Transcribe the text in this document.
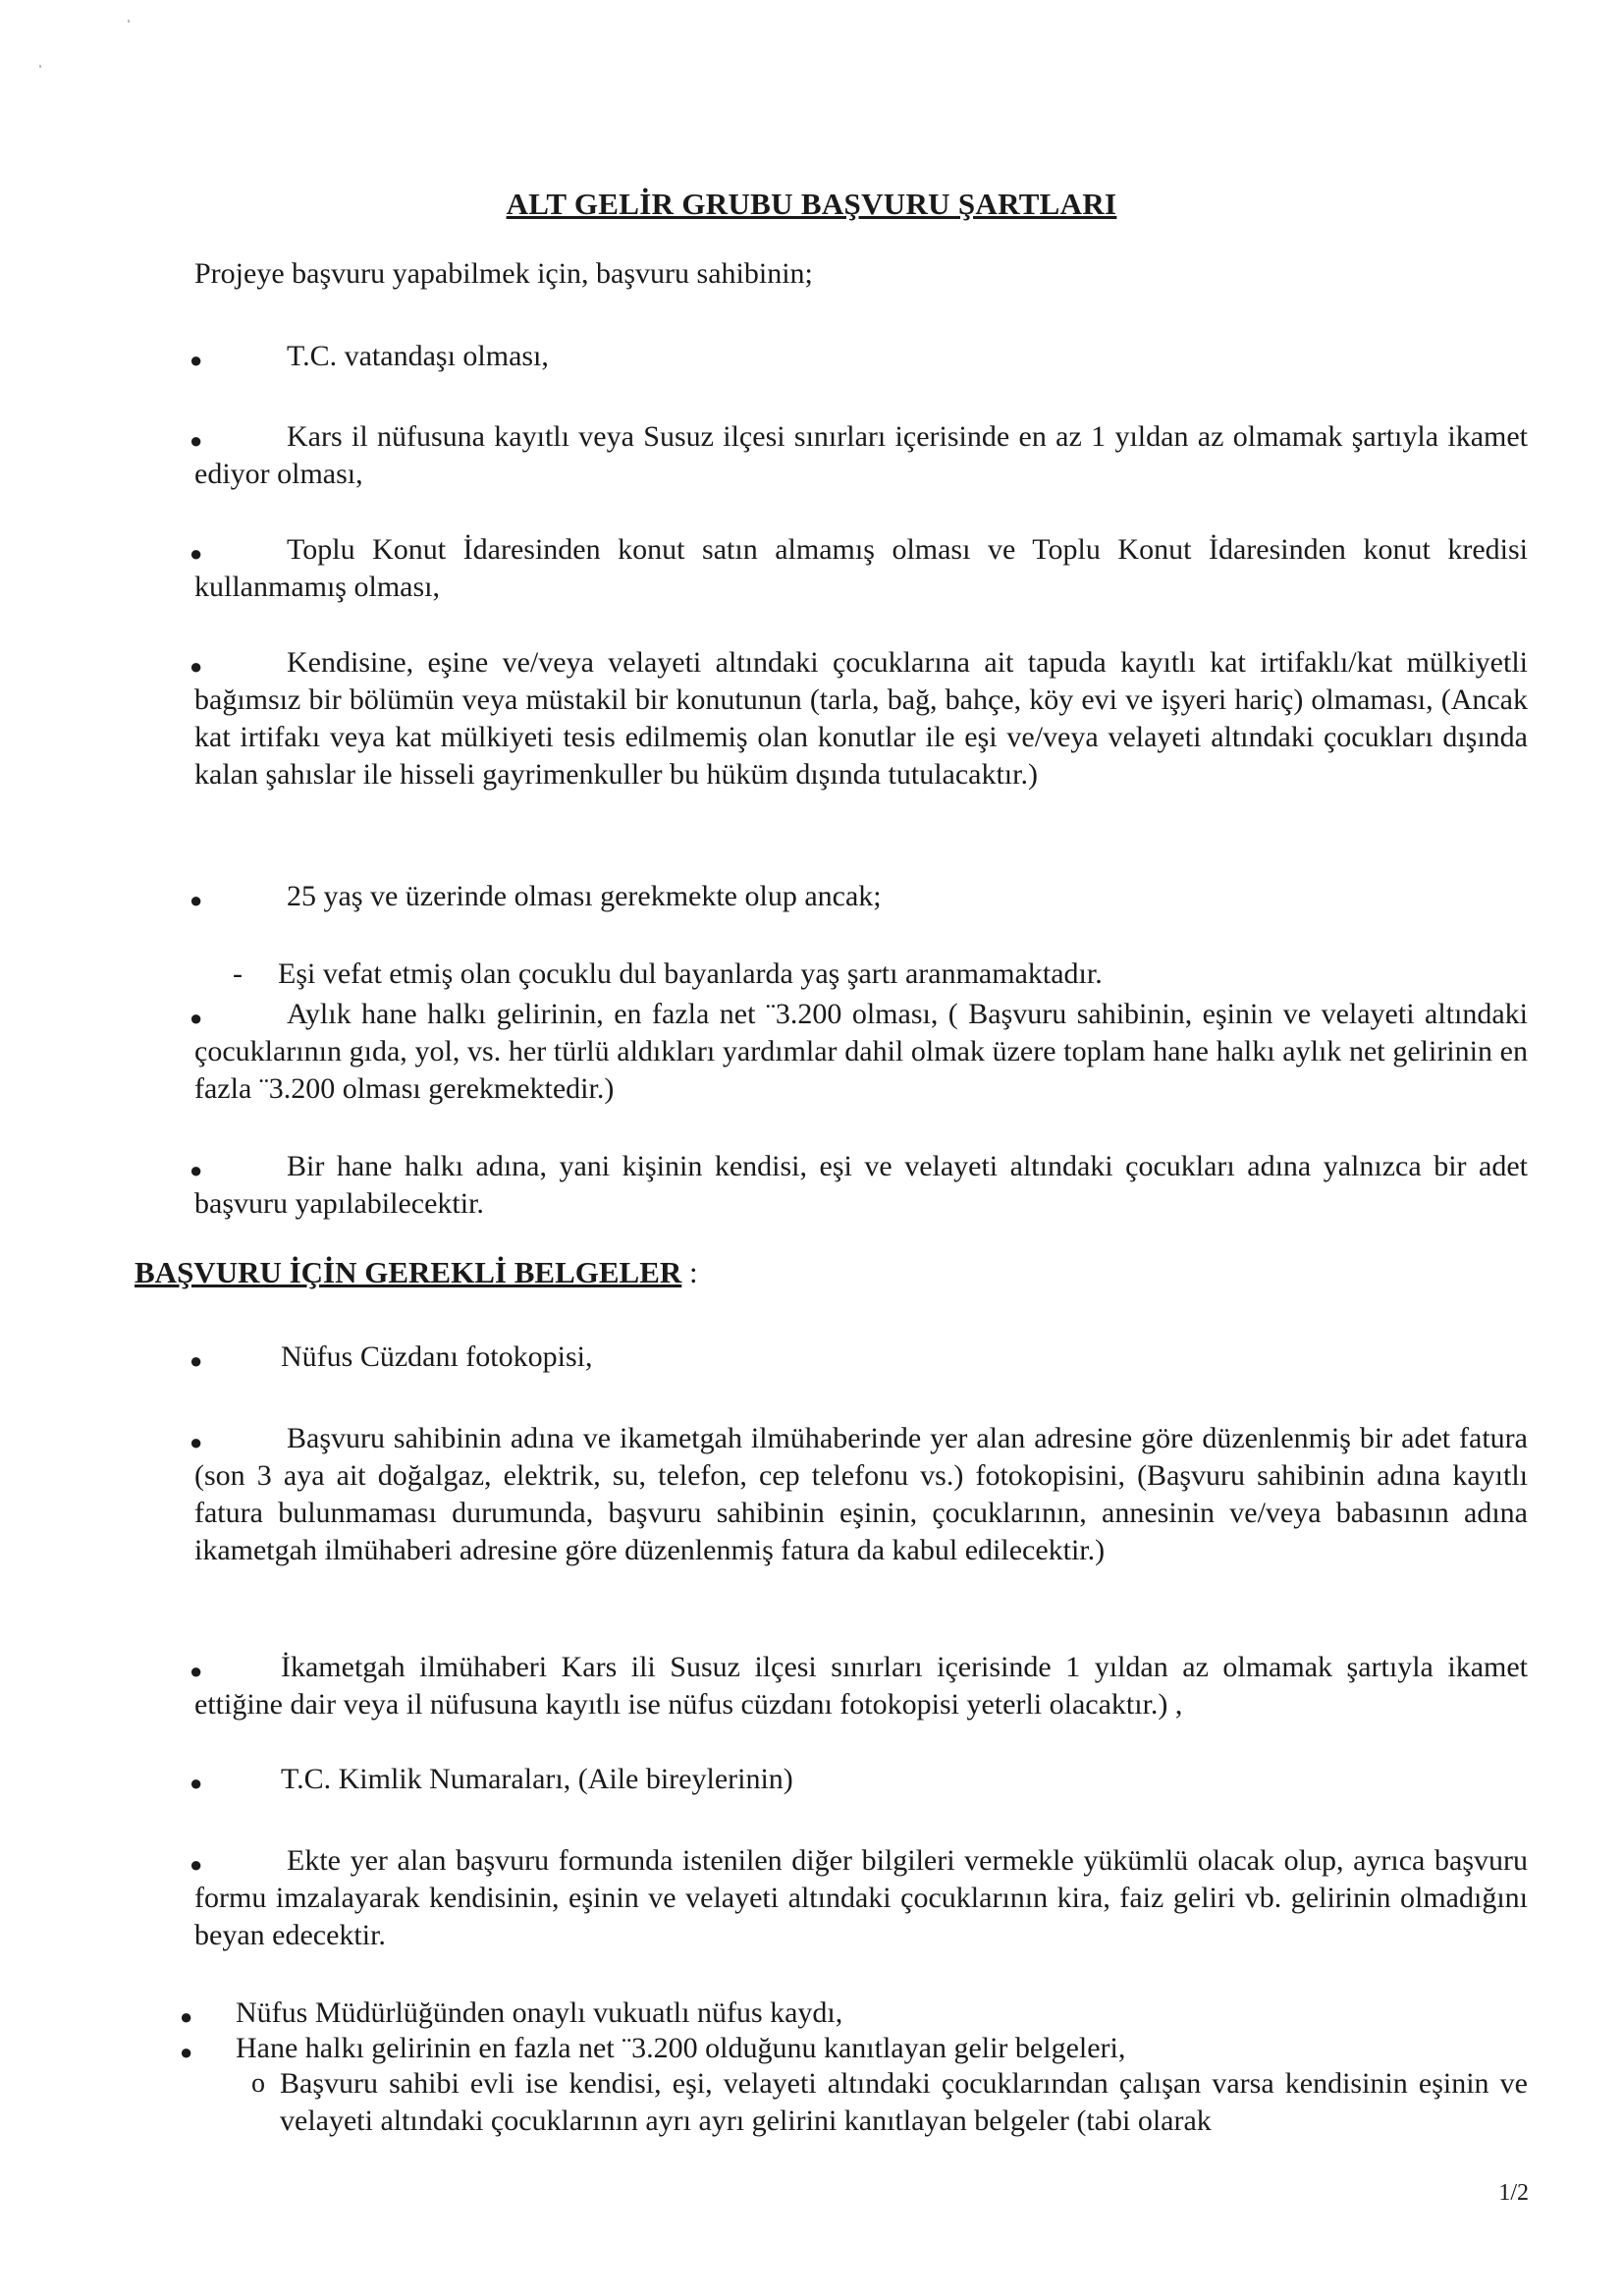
ALT GELİR GRUBU BAŞVURU ŞARTLARI
Projeye başvuru yapabilmek için, başvuru sahibinin;
●	T.C. vatandaşı olması,
●	Kars il nüfusuna kayıtlı veya Susuz ilçesi sınırları içerisinde en az 1 yıldan az olmamak şartıyla ikamet ediyor olması,
●	Toplu Konut İdaresinden konut satın almamış olması ve Toplu Konut İdaresinden konut kredisi kullanmamış olması,
●	Kendisine, eşine ve/veya velayeti altındaki çocuklarına ait tapuda kayıtlı kat irtifaklı/kat mülkiyetli bağımsız bir bölümün veya müstakil bir konutunun (tarla, bağ, bahçe, köy evi ve işyeri hariç) olmaması, (Ancak kat irtifakı veya kat mülkiyeti tesis edilmemiş olan konutlar ile eşi ve/veya velayeti altındaki çocukları dışında kalan şahıslar ile hisseli gayrimenkuller bu hüküm dışında tutulacaktır.)
●	25 yaş ve üzerinde olması gerekmekte olup ancak;
- Eşi vefat etmiş olan çocuklu dul bayanlarda yaş şartı aranmamaktadır.
●	Aylık hane halkı gelirinin, en fazla net ¨3.200 olması, ( Başvuru sahibinin, eşinin ve velayeti altındaki çocuklarının gıda, yol, vs. her türlü aldıkları yardımlar dahil olmak üzere toplam hane halkı aylık net gelirinin en fazla ¨3.200 olması gerekmektedir.)
●	Bir hane halkı adına, yani kişinin kendisi, eşi ve velayeti altındaki çocukları adına yalnızca bir adet başvuru yapılabilecektir.
BAŞVURU İÇİN GEREKLİ BELGELER :
●	Nüfus Cüzdanı fotokopisi,
●	Başvuru sahibinin adına ve ikametgah ilmühaberinde yer alan adresine göre düzenlenmiş bir adet fatura (son 3 aya ait doğalgaz, elektrik, su, telefon, cep telefonu vs.) fotokopisini, (Başvuru sahibinin adına kayıtlı fatura bulunmaması durumunda, başvuru sahibinin eşinin, çocuklarının, annesinin ve/veya babasının adına ikametgah ilmühaberi adresine göre düzenlenmiş fatura da kabul edilecektir.)
●	İkametgah ilmühaberi Kars ili Susuz ilçesi sınırları içerisinde 1 yıldan az olmamak şartıyla ikamet ettiğine dair veya il nüfusuna kayıtlı ise nüfus cüzdanı fotokopisi yeterli olacaktır.) ,
●	T.C. Kimlik Numaraları, (Aile bireylerinin)
●	Ekte yer alan başvuru formunda istenilen diğer bilgileri vermekle yükümlü olacak olup, ayrıca başvuru formu imzalayarak kendisinin, eşinin ve velayeti altındaki çocuklarının kira, faiz geliri vb. gelirinin olmadığını beyan edecektir.
● Nüfus Müdürlüğünden onaylı vukuatlı nüfus kaydı,
● Hane halkı gelirinin en fazla net ¨3.200 olduğunu kanıtlayan gelir belgeleri,
o Başvuru sahibi evli ise kendisi, eşi, velayeti altındaki çocuklarından çalışan varsa kendisinin eşinin ve velayeti altındaki çocuklarının ayrı ayrı gelirini kanıtlayan belgeler (tabi olarak
1/2
